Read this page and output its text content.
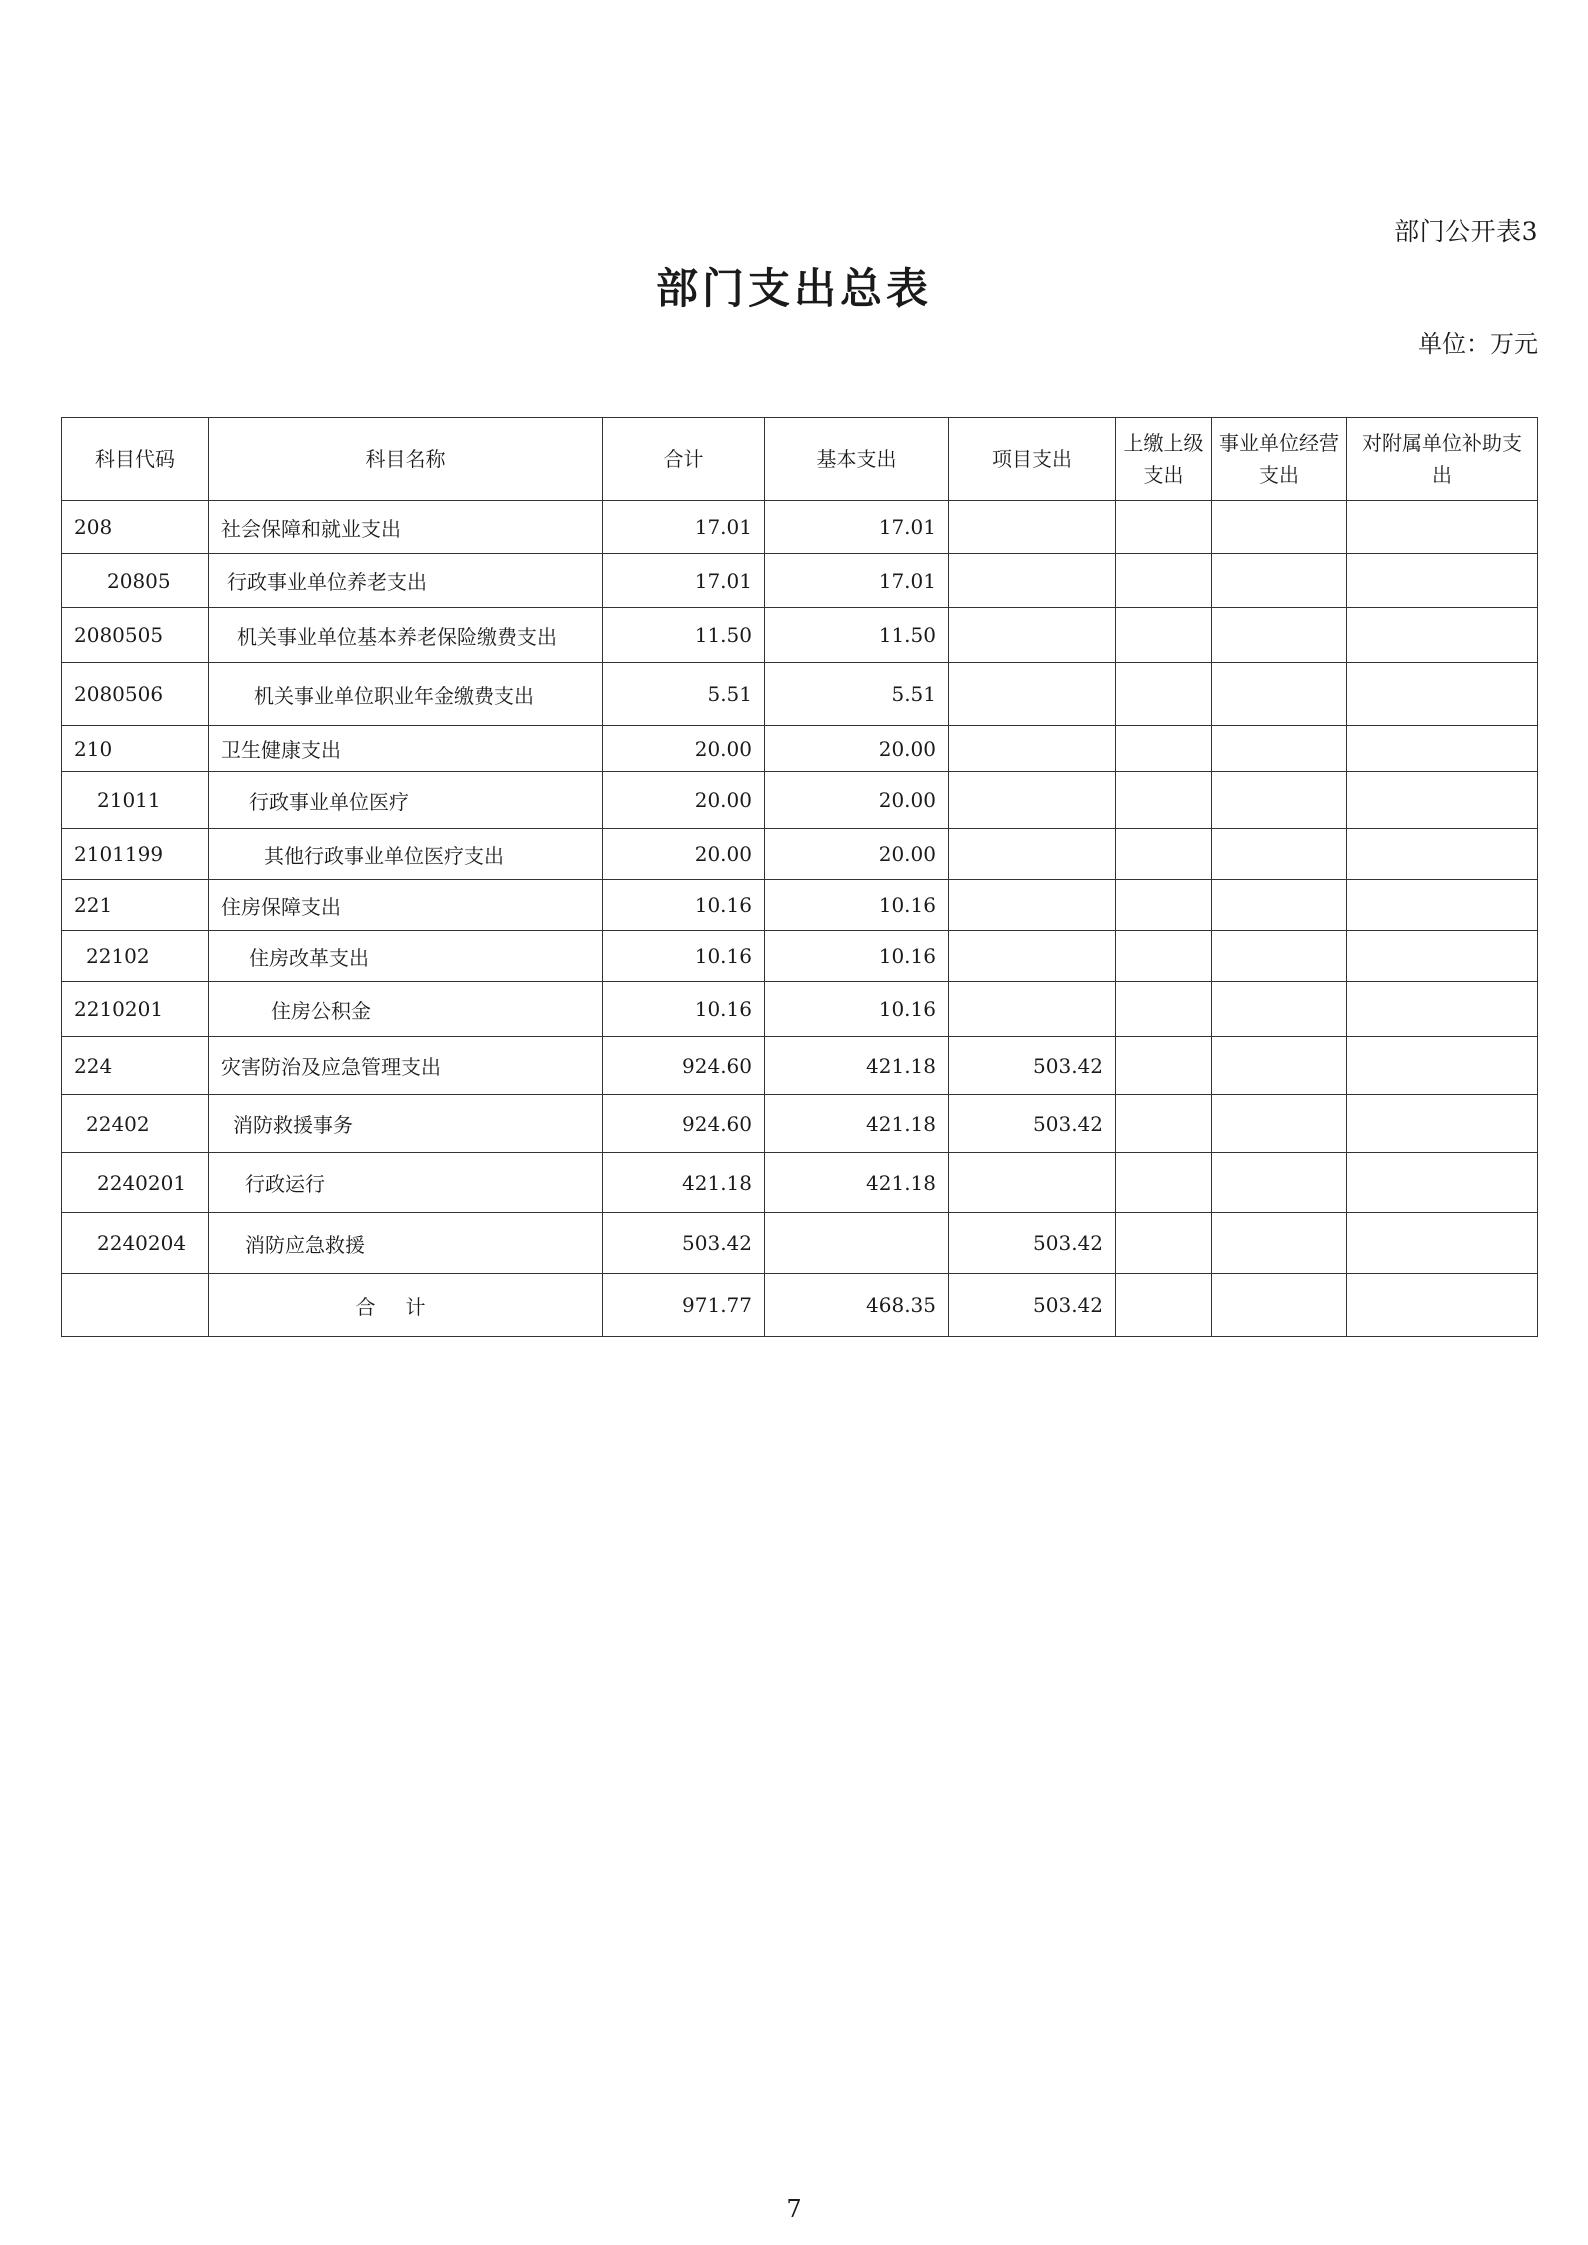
部门公开表3
部门支出总表
单位：万元
科目代码	科目名称	合计	基本支出	项目支出	上缴上级支出	事业单位经营支出	对附属单位补助支出
208	社会保障和就业支出	17.01	17.01				
20805	行政事业单位养老支出	17.01	17.01				
2080505	机关事业单位基本养老保险缴费支出	11.50	11.50				
2080506	机关事业单位职业年金缴费支出	5.51	5.51				
210	卫生健康支出	20.00	20.00				
21011	行政事业单位医疗	20.00	20.00				
2101199	其他行政事业单位医疗支出	20.00	20.00				
221	住房保障支出	10.16	10.16				
22102	住房改革支出	10.16	10.16				
2210201	住房公积金	10.16	10.16				
224	灾害防治及应急管理支出	924.60	421.18	503.42			
22402	消防救援事务	924.60	421.18	503.42			
2240201	行政运行	421.18	421.18				
2240204	消防应急救援	503.42		503.42			
	合计	971.77	468.35	503.42			
7
